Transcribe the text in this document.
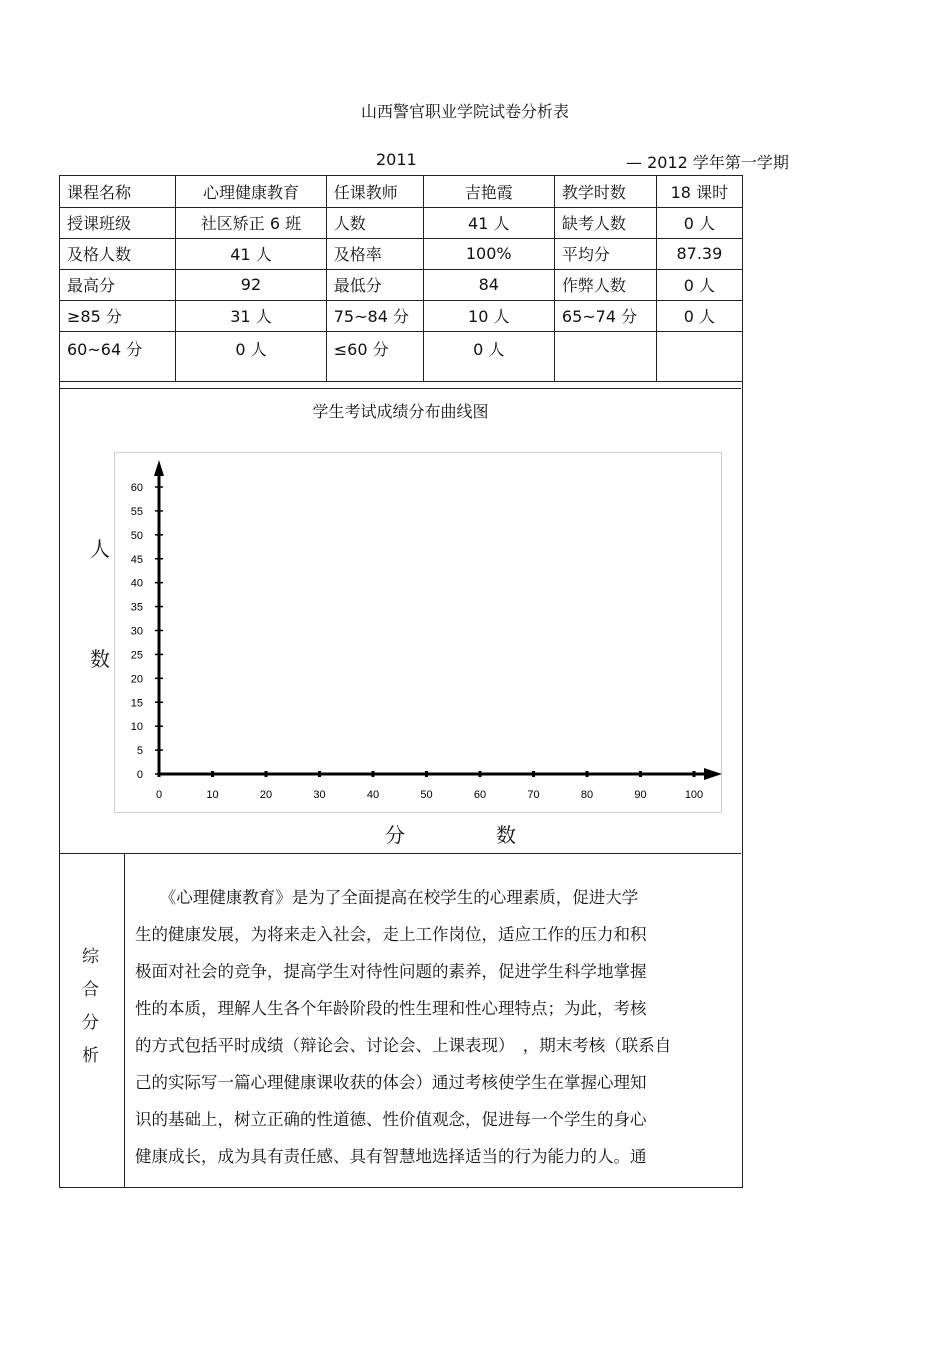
山西警官职业学院试卷分析表
2011	— 2012 学年第一学期
课程名称	心理健康教育	任课教师	吉艳霞	教学时数	18 课时
授课班级	社区矫正 6 班	人数	41 人	缺考人数	0 人
及格人数	41 人	及格率	100%	平均分	87.39
最高分	92	最低分	84	作弊人数	0 人
≥85 分	31 人	75~84 分	10 人	65~74 分	0 人
60~64 分	0 人	≤60 分	0 人		
学生考试成绩分布曲线图
人
数
0
5
10
15
20
25
30
35
40
45
50
55
60
0	10	20	30	40	50	60	70	80	90	100
分	数
综
合
分
析
　　《心理健康教育》是为了全面提高在校学生的心理素质，促进大学
生的健康发展，为将来走入社会，走上工作岗位，适应工作的压力和积
极面对社会的竞争，提高学生对待性问题的素养，促进学生科学地掌握
性的本质，理解人生各个年龄阶段的性生理和性心理特点；为此，考核
的方式包括平时成绩（辩论会、讨论会、上课表现）　，期末考核（联系自
己的实际写一篇心理健康课收获的体会）通过考核使学生在掌握心理知
识的基础上，树立正确的性道德、性价值观念，促进每一个学生的身心
健康成长，成为具有责任感、具有智慧地选择适当的行为能力的人。通
